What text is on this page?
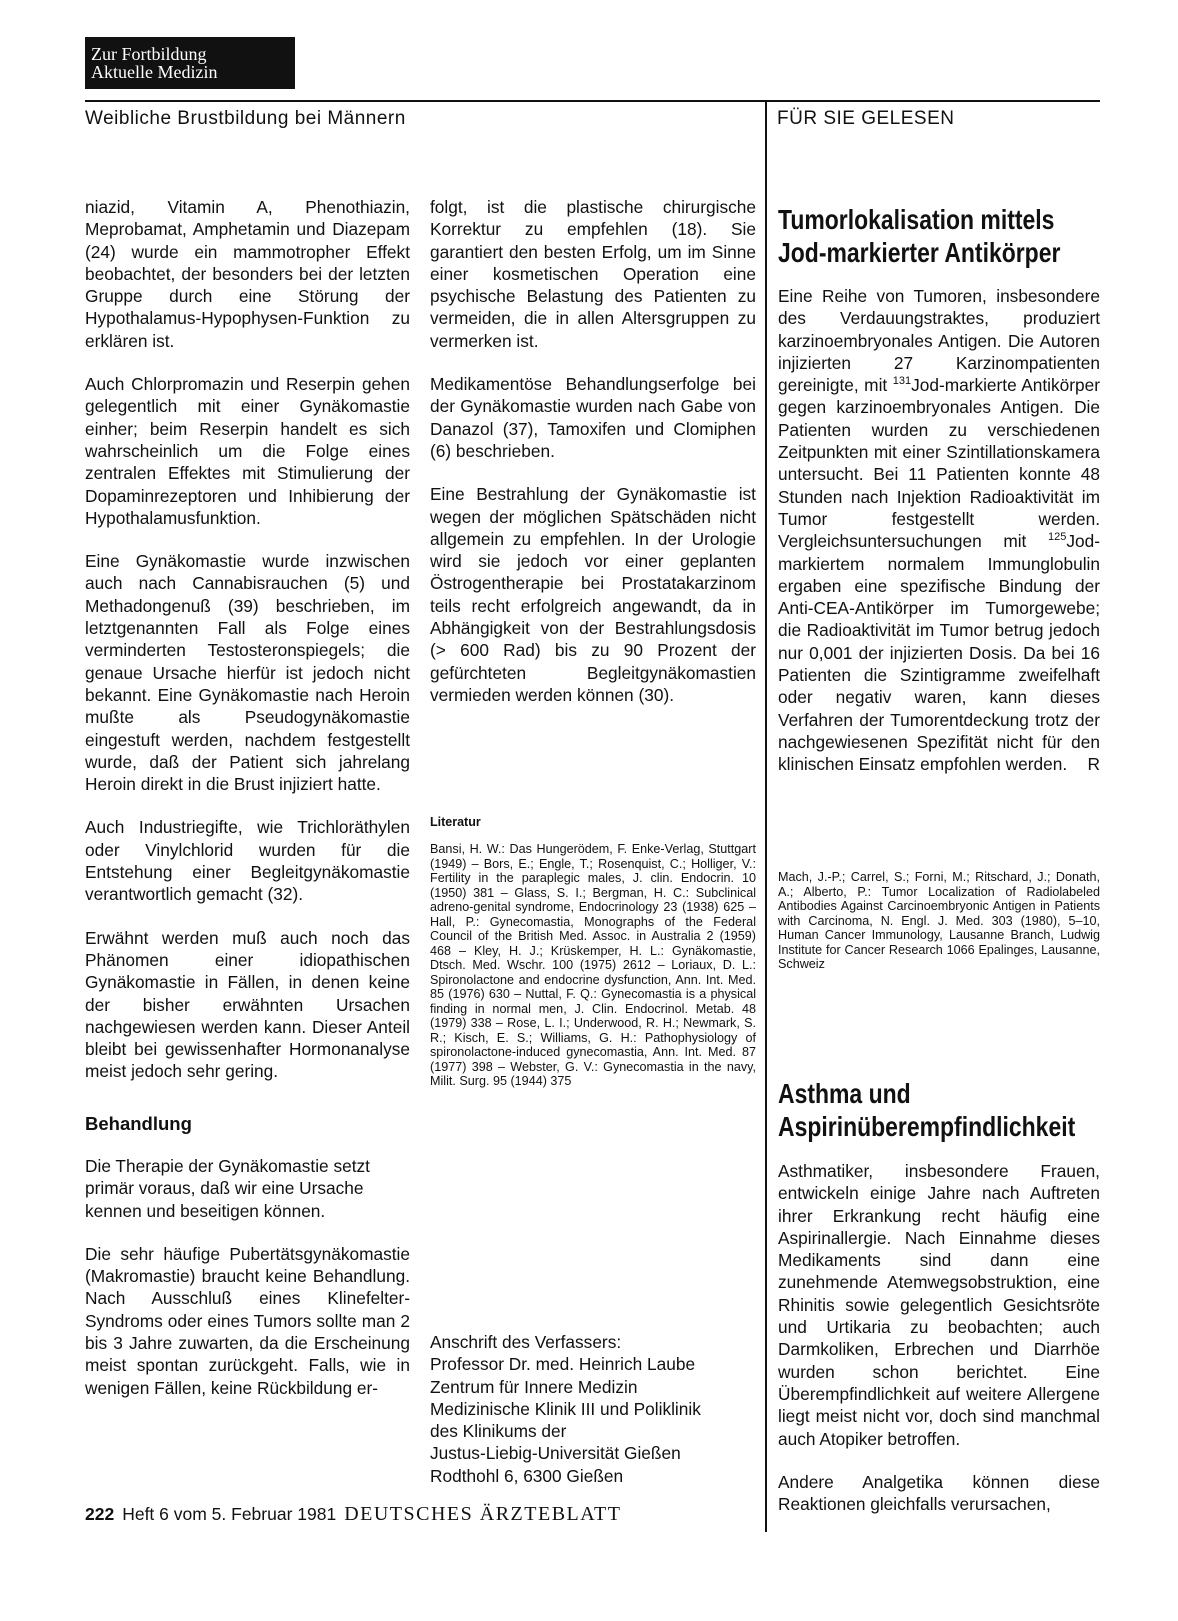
Zur Fortbildung
Aktuelle Medizin
Weibliche Brustbildung bei Männern	FÜR SIE GELESEN

niazid, Vitamin A, Phenothiazin, Meprobamat, Amphetamin und Diazepam (24) wurde ein mammotropher Effekt beobachtet, der besonders bei der letzten Gruppe durch eine Störung der Hypothalamus-Hypophysen-Funktion zu erklären ist.

Auch Chlorpromazin und Reserpin gehen gelegentlich mit einer Gynäkomastie einher; beim Reserpin handelt es sich wahrscheinlich um die Folge eines zentralen Effektes mit Stimulierung der Dopaminrezeptoren und Inhibierung der Hypothalamusfunktion.

Eine Gynäkomastie wurde inzwischen auch nach Cannabisrauchen (5) und Methadongenuß (39) beschrieben, im letztgenannten Fall als Folge eines verminderten Testosteronspiegels; die genaue Ursache hierfür ist jedoch nicht bekannt. Eine Gynäkomastie nach Heroin mußte als Pseudogynäkomastie eingestuft werden, nachdem festgestellt wurde, daß der Patient sich jahrelang Heroin direkt in die Brust injiziert hatte.

Auch Industriegifte, wie Trichloräthylen oder Vinylchlorid wurden für die Entstehung einer Begleitgynäkomastie verantwortlich gemacht (32).

Erwähnt werden muß auch noch das Phänomen einer idiopathischen Gynäkomastie in Fällen, in denen keine der bisher erwähnten Ursachen nachgewiesen werden kann. Dieser Anteil bleibt bei gewissenhafter Hormonanalyse meist jedoch sehr gering.

Behandlung

Die Therapie der Gynäkomastie setzt primär voraus, daß wir eine Ursache kennen und beseitigen können.

Die sehr häufige Pubertätsgynäkomastie (Makromastie) braucht keine Behandlung. Nach Ausschluß eines Klinefelter-Syndroms oder eines Tumors sollte man 2 bis 3 Jahre zuwarten, da die Erscheinung meist spontan zurückgeht. Falls, wie in wenigen Fällen, keine Rückbildung er-

folgt, ist die plastische chirurgische Korrektur zu empfehlen (18). Sie garantiert den besten Erfolg, um im Sinne einer kosmetischen Operation eine psychische Belastung des Patienten zu vermeiden, die in allen Altersgruppen zu vermerken ist.

Medikamentöse Behandlungserfolge bei der Gynäkomastie wurden nach Gabe von Danazol (37), Tamoxifen und Clomiphen (6) beschrieben.

Eine Bestrahlung der Gynäkomastie ist wegen der möglichen Spätschäden nicht allgemein zu empfehlen. In der Urologie wird sie jedoch vor einer geplanten Östrogentherapie bei Prostatakarzinom teils recht erfolgreich angewandt, da in Abhängigkeit von der Bestrahlungsdosis (> 600 Rad) bis zu 90 Prozent der gefürchteten Begleitgynäkomastien vermieden werden können (30).

Literatur

Bansi, H. W.: Das Hungerödem, F. Enke-Verlag, Stuttgart (1949) – Bors, E.; Engle, T.; Rosenquist, C.; Holliger, V.: Fertility in the paraplegic males, J. clin. Endocrin. 10 (1950) 381 – Glass, S. I.; Bergman, H. C.: Subclinical adreno-genital syndrome, Endocrinology 23 (1938) 625 – Hall, P.: Gynecomastia, Monographs of the Federal Council of the British Med. Assoc. in Australia 2 (1959) 468 – Kley, H. J.; Krüskemper, H. L.: Gynäkomastie, Dtsch. Med. Wschr. 100 (1975) 2612 – Loriaux, D. L.: Spironolactone and endocrine dysfunction, Ann. Int. Med. 85 (1976) 630 – Nuttal, F. Q.: Gynecomastia is a physical finding in normal men, J. Clin. Endocrinol. Metab. 48 (1979) 338 – Rose, L. I.; Underwood, R. H.; Newmark, S. R.; Kisch, E. S.; Williams, G. H.: Pathophysiology of spironolactone-induced gynecomastia, Ann. Int. Med. 87 (1977) 398 – Webster, G. V.: Gynecomastia in the navy, Milit. Surg. 95 (1944) 375

Anschrift des Verfassers:
Professor Dr. med. Heinrich Laube
Zentrum für Innere Medizin
Medizinische Klinik III und Poliklinik
des Klinikums der
Justus-Liebig-Universität Gießen
Rodthohl 6, 6300 Gießen
Tumorlokalisation mittels
Jod-markierter Antikörper

Eine Reihe von Tumoren, insbesondere des Verdauungstraktes, produziert karzinoembryonales Antigen. Die Autoren injizierten 27 Karzinompatienten gereinigte, mit $^{131}$Jod-markierte Antikörper gegen karzinoembryonales Antigen. Die Patienten wurden zu verschiedenen Zeitpunkten mit einer Szintillationskamera untersucht. Bei 11 Patienten konnte 48 Stunden nach Injektion Radioaktivität im Tumor festgestellt werden. Vergleichsuntersuchungen mit $^{125}$Jod-markiertem normalem Immunglobulin ergaben eine spezifische Bindung der Anti-CEA-Antikörper im Tumorgewebe; die Radioaktivität im Tumor betrug jedoch nur 0,001 der injizierten Dosis. Da bei 16 Patienten die Szintigramme zweifelhaft oder negativ waren, kann dieses Verfahren der Tumorentdeckung trotz der nachgewiesenen Spezifität nicht für den klinischen Einsatz empfohlen werden. R

Mach, J.-P.; Carrel, S.; Forni, M.; Ritschard, J.; Donath, A.; Alberto, P.: Tumor Localization of Radiolabeled Antibodies Against Carcinoembryonic Antigen in Patients with Carcinoma, N. Engl. J. Med. 303 (1980), 5–10, Human Cancer Immunology, Lausanne Branch, Ludwig Institute for Cancer Research 1066 Epalinges, Lausanne, Schweiz

Asthma und
Aspirinüberempfindlichkeit

Asthmatiker, insbesondere Frauen, entwickeln einige Jahre nach Auftreten ihrer Erkrankung recht häufig eine Aspirinallergie. Nach Einnahme dieses Medikaments sind dann eine zunehmende Atemwegsobstruktion, eine Rhinitis sowie gelegentlich Gesichtsröte und Urtikaria zu beobachten; auch Darmkoliken, Erbrechen und Diarrhöe wurden schon berichtet. Eine Überempfindlichkeit auf weitere Allergene liegt meist nicht vor, doch sind manchmal auch Atopiker betroffen.

Andere Analgetika können diese Reaktionen gleichfalls verursachen,

222 Heft 6 vom 5. Februar 1981 DEUTSCHES ÄRZTEBLATT
